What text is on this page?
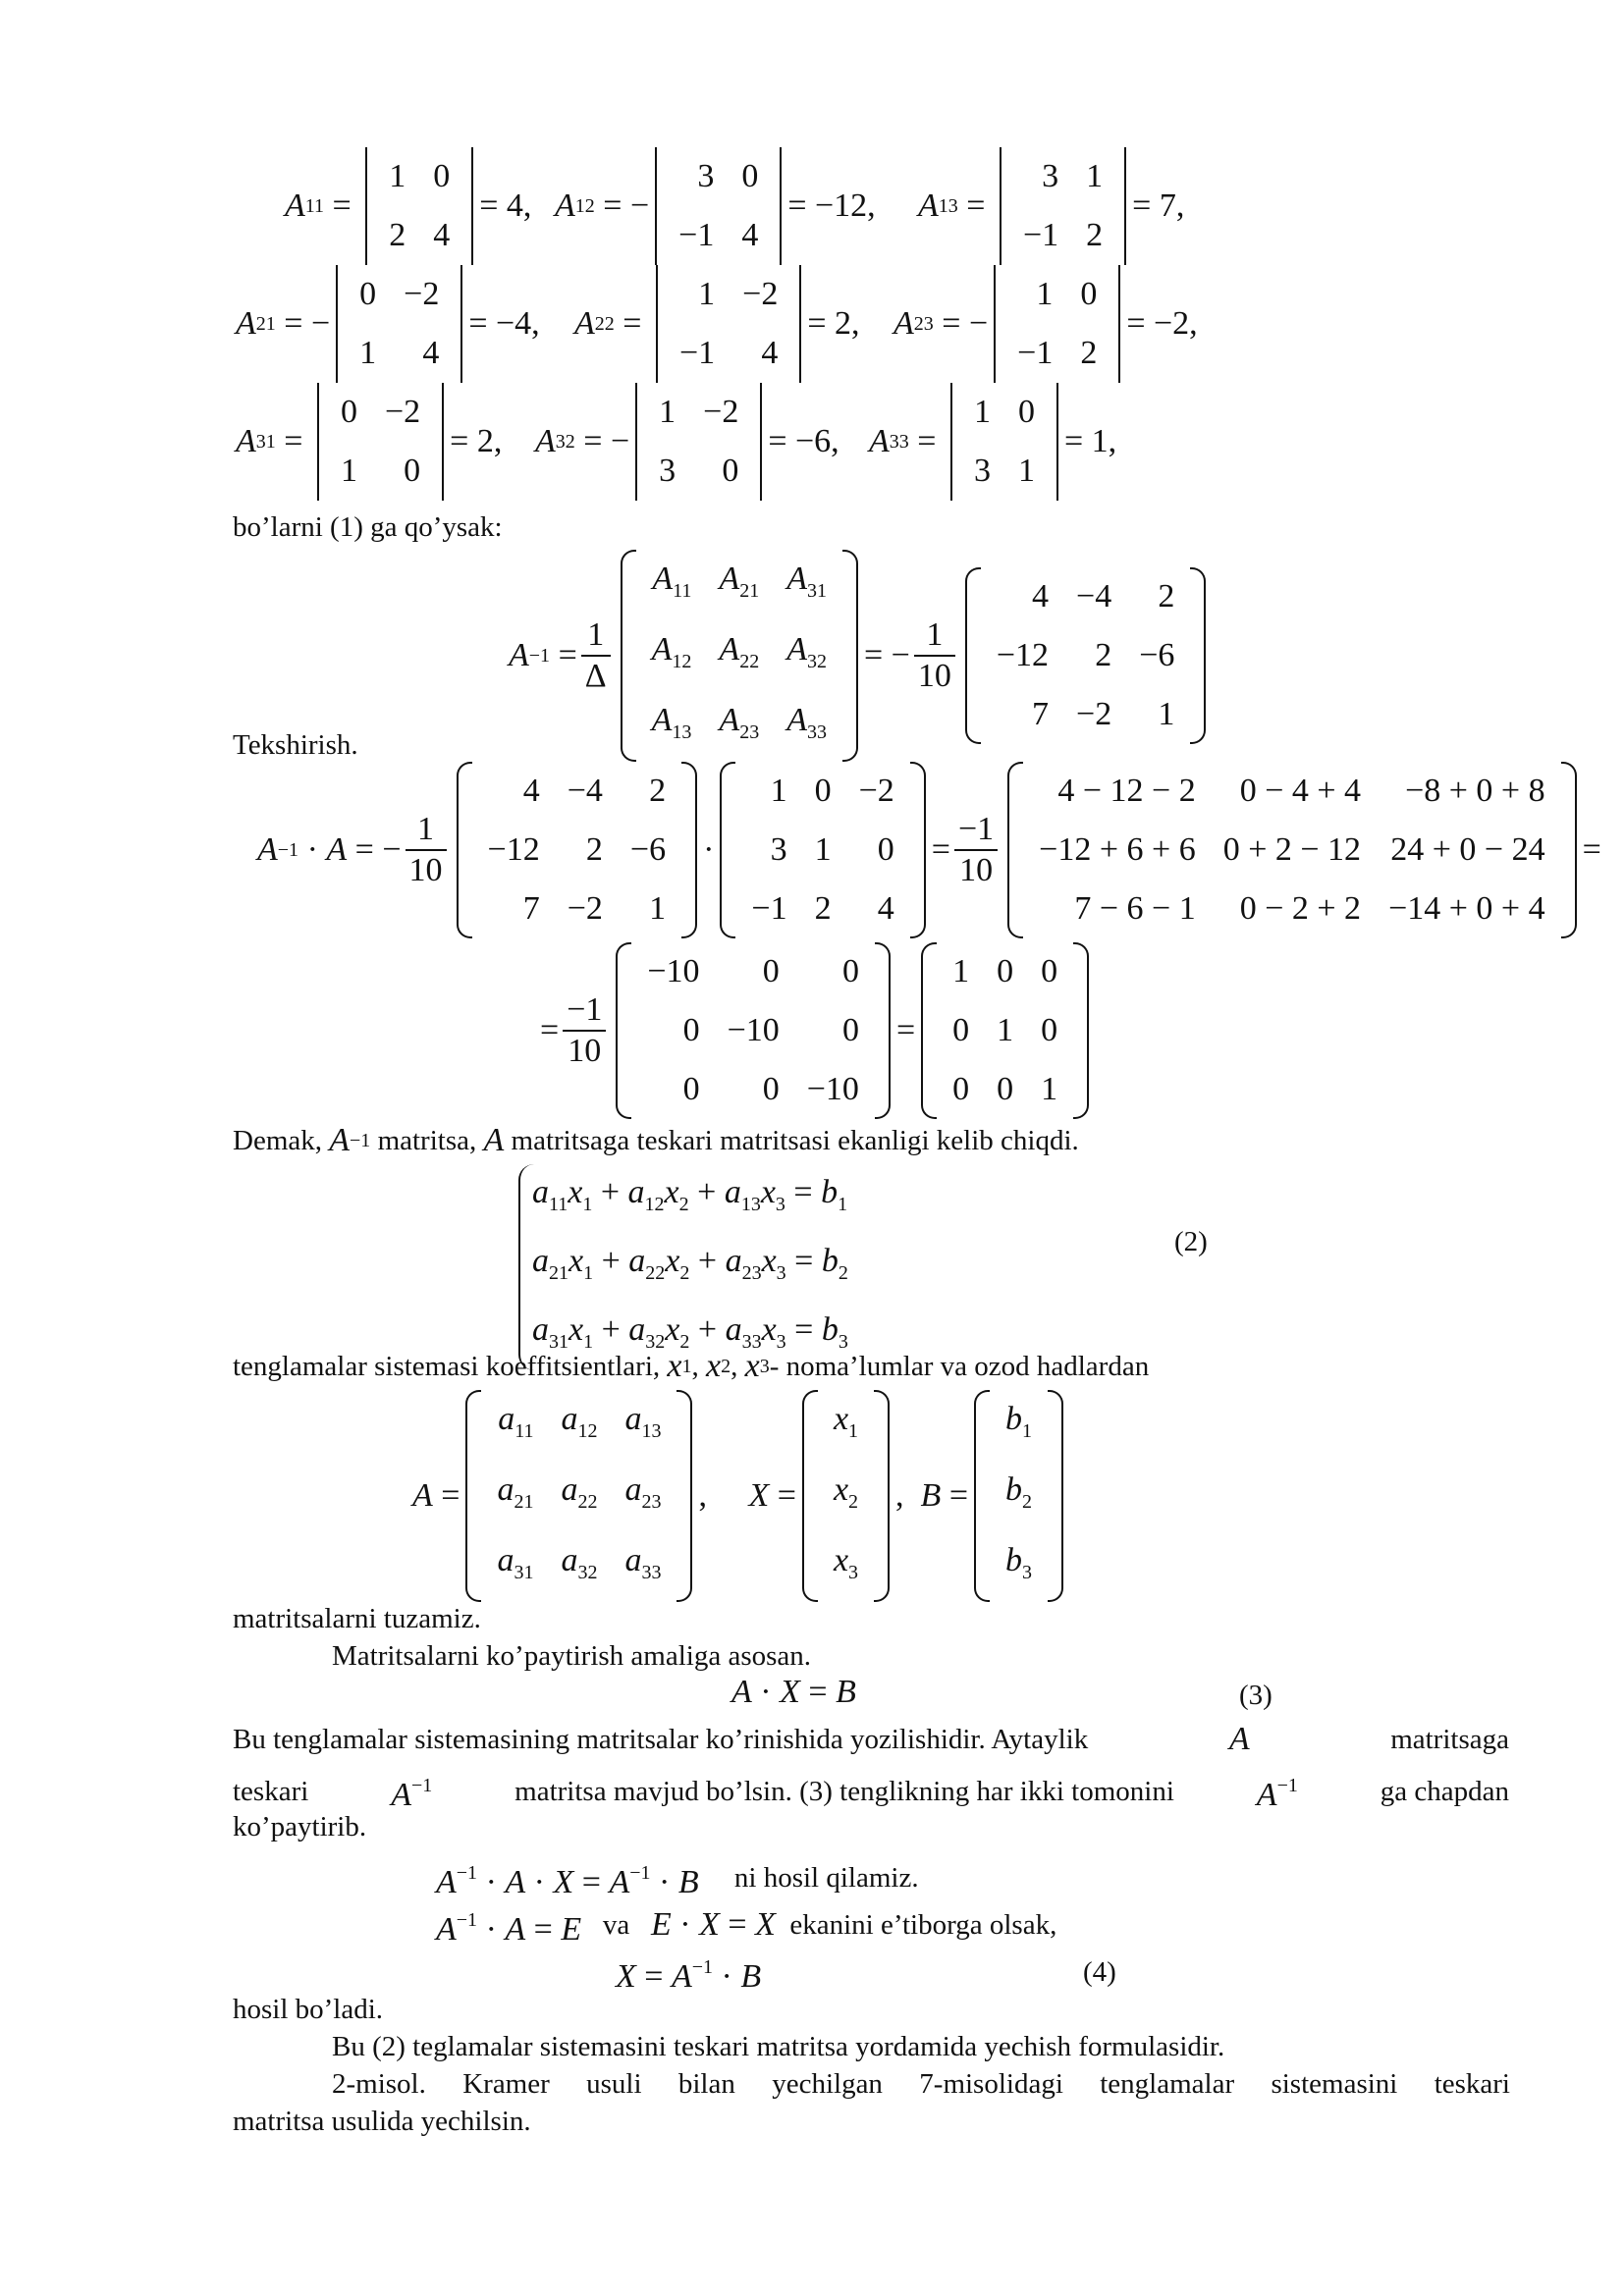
A 11 =
1	0
2	4
= 4, A 12 = −
3	0
−1	4
= −12, A 13 =
3	1
−1	2
= 7,
A 21 = −
0	−2
1	4
= −4, A 22 =
1	−2
−1	4
= 2, A 23 = −
1	0
−1	2
= −2,
A 31 =
0	−2
1	0
= 2, A 32 = −
1	−2
3	0
= −6, A 33 =
1	0
3	1
= 1,
bo’larni (1) ga qo’ysak:
$A -1 = \frac{1}{\Delta}$
$A_{11}$	$A_{21}$	$A_{31}$
$A_{12}$	$A_{22}$	$A_{32}$
$A_{13}$	$A_{23}$	$A_{33}$
= − $\frac{1}{10}$
4	−4	2
−12	2	−6
7	−2	1
Tekshirish.
A −1 · A = − $\frac{1}{10}$
4	−4	2
−12	2	−6
7	−2	1
·
1	0	−2
3	1	0
−1	2	4
= $\frac{-1}{10}$
4 − 12 − 2	0 − 4 + 4	−8 + 0 + 8
−12 + 6 + 6	0 + 2 − 12	24 + 0 − 24
7 − 6 − 1	0 − 2 + 2	−14 + 0 + 4
=
= $\frac{-1}{10}$
−10	0	0
0	−10	0
0	0	−10
=
1	0	0
0	1	0
0	0	1
Demak,
A −1
matritsa,
A
matritsaga teskari matritsasi ekanligi kelib chiqdi.
$a_{11}x_1 + a_{12}x_2 + a_{13}x_3 = b_1$
$a_{21}x_1 + a_{22}x_2 + a_{23}x_3 = b_2$
$a_{31}x_1 + a_{32}x_2 + a_{33}x_3 = b_3$
(2)
tenglamalar sistemasi koeffitsientlari,
x 1 , x 2 , x 3 - noma’lumlar va ozod hadlardan
A =
$a_{11}$	$a_{12}$	$a_{13}$
$a_{21}$	$a_{22}$	$a_{23}$
$a_{31}$	$a_{32}$	$a_{33}$
, X =
$x_1$
$x_2$
$x_3$
, B =
$b_1$
$b_2$
$b_3$
matritsalarni tuzamiz.
Matritsalarni ko’paytirish amaliga asosan.
A · X = B	(3)
Bu tenglamalar sistemasining matritsalar ko’rinishida yozilishidir. Aytaylik	A	matritsaga
teskari $A^{-1}$	matritsa mavjud bo’lsin. (3) tenglikning har ikki tomonini $A^{-1}$	ga chapdan
ko’paytirib.
$A^{-1} \cdot A \cdot X = A^{-1} \cdot B$
ni hosil qilamiz.
$A^{-1} \cdot A = E$
va
E · X = X
ekanini e’tiborga olsak,
$X = A^{-1} \cdot B$	(4)
hosil bo’ladi.
Bu (2) teglamalar sistemasini teskari matritsa yordamida yechish formulasidir.
2-misol. Kramer usuli bilan yechilgan 7-misolidagi tenglamalar sistemasini teskari
matritsa usulida yechilsin.
